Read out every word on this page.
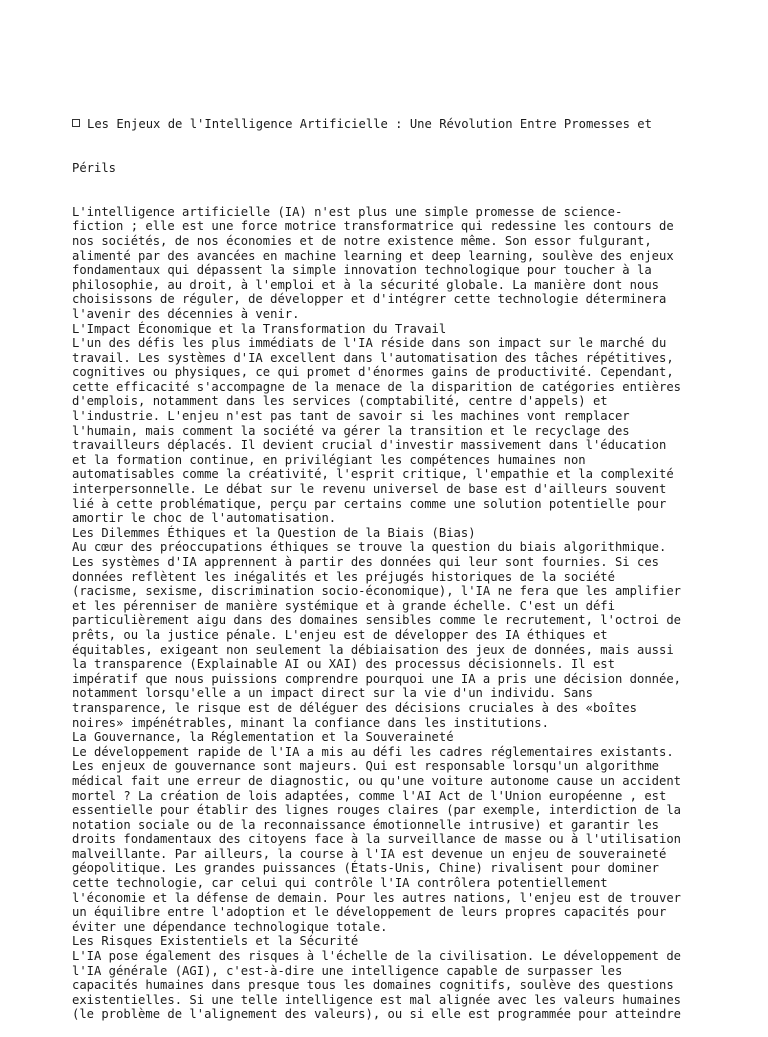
Les Enjeux de l'Intelligence Artificielle : Une Révolution Entre Promesses et

Périls

L'intelligence artificielle (IA) n'est plus une simple promesse de science-
fiction ; elle est une force motrice transformatrice qui redessine les contours de
nos sociétés, de nos économies et de notre existence même. Son essor fulgurant,
alimenté par des avancées en machine learning et deep learning, soulève des enjeux
fondamentaux qui dépassent la simple innovation technologique pour toucher à la
philosophie, au droit, à l'emploi et à la sécurité globale. La manière dont nous
choisissons de réguler, de développer et d'intégrer cette technologie déterminera
l'avenir des décennies à venir.
L'Impact Économique et la Transformation du Travail
L'un des défis les plus immédiats de l'IA réside dans son impact sur le marché du
travail. Les systèmes d'IA excellent dans l'automatisation des tâches répétitives,
cognitives ou physiques, ce qui promet d'énormes gains de productivité. Cependant,
cette efficacité s'accompagne de la menace de la disparition de catégories entières
d'emplois, notamment dans les services (comptabilité, centre d'appels) et
l'industrie. L'enjeu n'est pas tant de savoir si les machines vont remplacer
l'humain, mais comment la société va gérer la transition et le recyclage des
travailleurs déplacés. Il devient crucial d'investir massivement dans l'éducation
et la formation continue, en privilégiant les compétences humaines non
automatisables comme la créativité, l'esprit critique, l'empathie et la complexité
interpersonnelle. Le débat sur le revenu universel de base est d'ailleurs souvent
lié à cette problématique, perçu par certains comme une solution potentielle pour
amortir le choc de l'automatisation.
Les Dilemmes Éthiques et la Question de la Biais (Bias)
Au cœur des préoccupations éthiques se trouve la question du biais algorithmique.
Les systèmes d'IA apprennent à partir des données qui leur sont fournies. Si ces
données reflètent les inégalités et les préjugés historiques de la société
(racisme, sexisme, discrimination socio-économique), l'IA ne fera que les amplifier
et les pérenniser de manière systémique et à grande échelle. C'est un défi
particulièrement aigu dans des domaines sensibles comme le recrutement, l'octroi de
prêts, ou la justice pénale. L'enjeu est de développer des IA éthiques et
équitables, exigeant non seulement la débiaisation des jeux de données, mais aussi
la transparence (Explainable AI ou XAI) des processus décisionnels. Il est
impératif que nous puissions comprendre pourquoi une IA a pris une décision donnée,
notamment lorsqu'elle a un impact direct sur la vie d'un individu. Sans
transparence, le risque est de déléguer des décisions cruciales à des «boîtes
noires» impénétrables, minant la confiance dans les institutions.
La Gouvernance, la Réglementation et la Souveraineté
Le développement rapide de l'IA a mis au défi les cadres réglementaires existants.
Les enjeux de gouvernance sont majeurs. Qui est responsable lorsqu'un algorithme
médical fait une erreur de diagnostic, ou qu'une voiture autonome cause un accident
mortel ? La création de lois adaptées, comme l'AI Act de l'Union européenne , est
essentielle pour établir des lignes rouges claires (par exemple, interdiction de la
notation sociale ou de la reconnaissance émotionnelle intrusive) et garantir les
droits fondamentaux des citoyens face à la surveillance de masse ou à l'utilisation
malveillante. Par ailleurs, la course à l'IA est devenue un enjeu de souveraineté
géopolitique. Les grandes puissances (États-Unis, Chine) rivalisent pour dominer
cette technologie, car celui qui contrôle l'IA contrôlera potentiellement
l'économie et la défense de demain. Pour les autres nations, l'enjeu est de trouver
un équilibre entre l'adoption et le développement de leurs propres capacités pour
éviter une dépendance technologique totale.
Les Risques Existentiels et la Sécurité
L'IA pose également des risques à l'échelle de la civilisation. Le développement de
l'IA générale (AGI), c'est-à-dire une intelligence capable de surpasser les
capacités humaines dans presque tous les domaines cognitifs, soulève des questions
existentielles. Si une telle intelligence est mal alignée avec les valeurs humaines
(le problème de l'alignement des valeurs), ou si elle est programmée pour atteindre
